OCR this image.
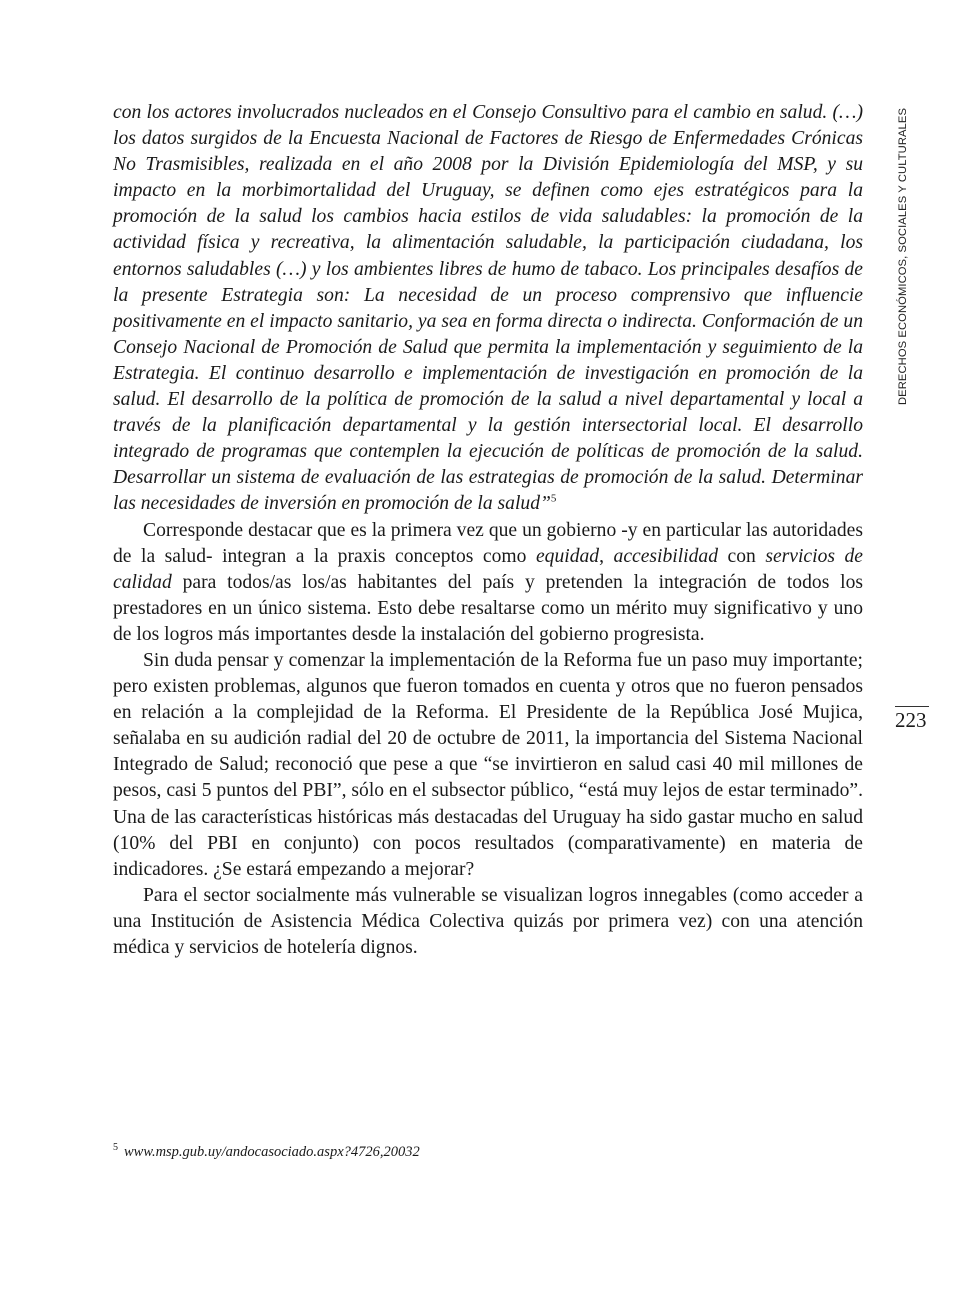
DERECHOS ECONÓMICOS, SOCIALES Y CULTURALES
223

con los actores involucrados nucleados en el Consejo Consultivo para el cambio en salud. (…) los datos surgidos de la Encuesta Nacional de Factores de Riesgo de Enfermedades Crónicas No Trasmisibles, realizada en el año 2008 por la División Epidemiología del MSP, y su impacto en la morbimortalidad del Uruguay, se definen como ejes estratégicos para la promoción de la salud los cambios hacia estilos de vida saludables: la promoción de la actividad física y recreativa, la alimentación saludable, la participación ciudadana, los entornos saludables (…) y los ambientes libres de humo de tabaco. Los principales desafíos de la presente Estrategia son: La necesidad de un proceso comprensivo que influencie positivamente en el impacto sanitario, ya sea en forma directa o indirecta. Conformación de un Consejo Nacional de Promoción de Salud que permita la implementación y seguimiento de la Estrategia. El continuo desarrollo e implementación de investigación en promoción de la salud. El desarrollo de la política de promoción de la salud a nivel departamental y local a través de la planificación departamental y la gestión intersectorial local. El desarrollo integrado de programas que contemplen la ejecución de políticas de promoción de la salud. Desarrollar un sistema de evaluación de las estrategias de promoción de la salud. Determinar las necesidades de inversión en promoción de la salud”$^5$

Corresponde destacar que es la primera vez que un gobierno -y en particular las autoridades de la salud- integran a la praxis conceptos como equidad, accesibilidad con servicios de calidad para todos/as los/as habitantes del país y pretenden la integración de todos los prestadores en un único sistema. Esto debe resaltarse como un mérito muy significativo y uno de los logros más importantes desde la instalación del gobierno progresista.

Sin duda pensar y comenzar la implementación de la Reforma fue un paso muy importante; pero existen problemas, algunos que fueron tomados en cuenta y otros que no fueron pensados en relación a la complejidad de la Reforma. El Presidente de la República José Mujica, señalaba en su audición radial del 20 de octubre de 2011, la importancia del Sistema Nacional Integrado de Salud; reconoció que pese a que “se invirtieron en salud casi 40 mil millones de pesos, casi 5 puntos del PBI”, sólo en el subsector público, “está muy lejos de estar terminado”. Una de las características históricas más destacadas del Uruguay ha sido gastar mucho en salud (10% del PBI en conjunto) con pocos resultados (comparativamente) en materia de indicadores. ¿Se estará empezando a mejorar?

Para el sector socialmente más vulnerable se visualizan logros innegables (como acceder a una Institución de Asistencia Médica Colectiva quizás por primera vez) con una atención médica y servicios de hotelería dignos.

$^5$ www.msp.gub.uy/andocasociado.aspx?4726,20032
